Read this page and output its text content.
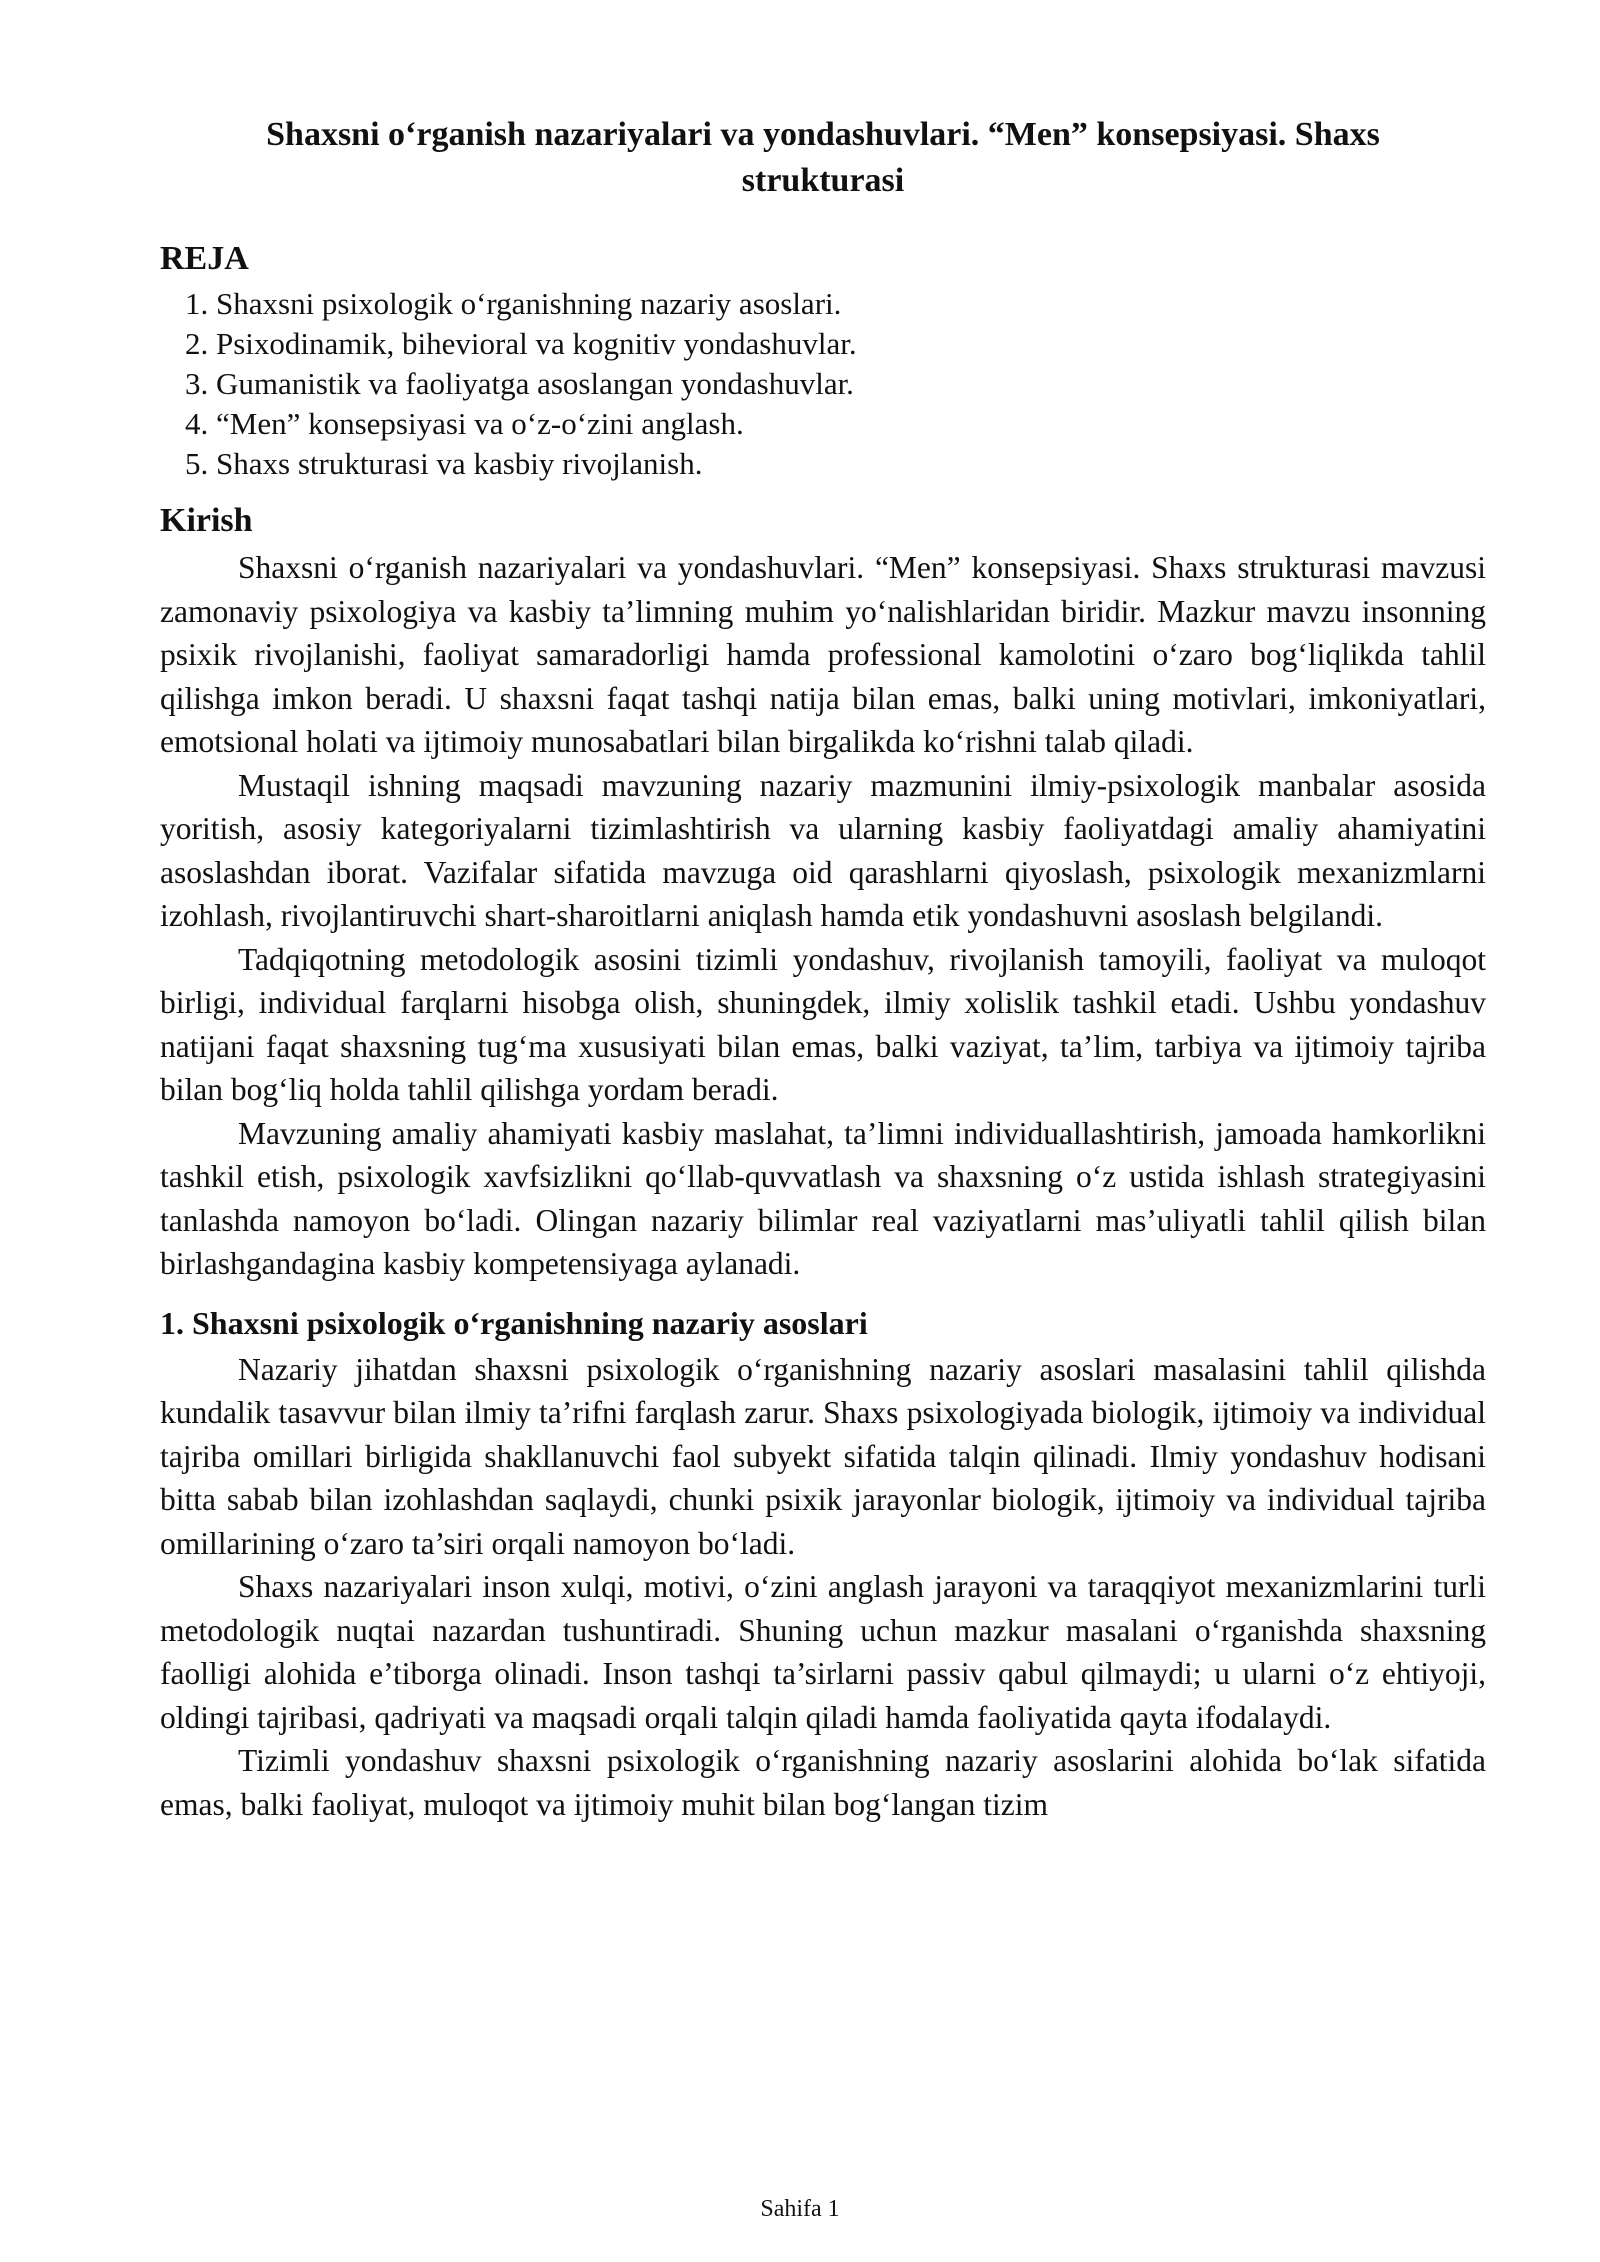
Shaxsni o‘rganish nazariyalari va yondashuvlari. “Men” konsepsiyasi. Shaxs strukturasi
REJA
1. Shaxsni psixologik o‘rganishning nazariy asoslari.
2. Psixodinamik, bihevioral va kognitiv yondashuvlar.
3. Gumanistik va faoliyatga asoslangan yondashuvlar.
4. “Men” konsepsiyasi va o‘z-o‘zini anglash.
5. Shaxs strukturasi va kasbiy rivojlanish.
Kirish

Shaxsni o‘rganish nazariyalari va yondashuvlari. “Men” konsepsiyasi. Shaxs strukturasi mavzusi zamonaviy psixologiya va kasbiy ta’limning muhim yo‘nalishlaridan biridir. Mazkur mavzu insonning psixik rivojlanishi, faoliyat samaradorligi hamda professional kamolotini o‘zaro bog‘liqlikda tahlil qilishga imkon beradi. U shaxsni faqat tashqi natija bilan emas, balki uning motivlari, imkoniyatlari, emotsional holati va ijtimoiy munosabatlari bilan birgalikda ko‘rishni talab qiladi.

Mustaqil ishning maqsadi mavzuning nazariy mazmunini ilmiy-psixologik manbalar asosida yoritish, asosiy kategoriyalarni tizimlashtirish va ularning kasbiy faoliyatdagi amaliy ahamiyatini asoslashdan iborat. Vazifalar sifatida mavzuga oid qarashlarni qiyoslash, psixologik mexanizmlarni izohlash, rivojlantiruvchi shart-sharoitlarni aniqlash hamda etik yondashuvni asoslash belgilandi.

Tadqiqotning metodologik asosini tizimli yondashuv, rivojlanish tamoyili, faoliyat va muloqot birligi, individual farqlarni hisobga olish, shuningdek, ilmiy xolislik tashkil etadi. Ushbu yondashuv natijani faqat shaxsning tug‘ma xususiyati bilan emas, balki vaziyat, ta’lim, tarbiya va ijtimoiy tajriba bilan bog‘liq holda tahlil qilishga yordam beradi.

Mavzuning amaliy ahamiyati kasbiy maslahat, ta’limni individuallashtirish, jamoada hamkorlikni tashkil etish, psixologik xavfsizlikni qo‘llab-quvvatlash va shaxsning o‘z ustida ishlash strategiyasini tanlashda namoyon bo‘ladi. Olingan nazariy bilimlar real vaziyatlarni mas’uliyatli tahlil qilish bilan birlashgandagina kasbiy kompetensiyaga aylanadi.

1. Shaxsni psixologik o‘rganishning nazariy asoslari

Nazariy jihatdan shaxsni psixologik o‘rganishning nazariy asoslari masalasini tahlil qilishda kundalik tasavvur bilan ilmiy ta’rifni farqlash zarur. Shaxs psixologiyada biologik, ijtimoiy va individual tajriba omillari birligida shakllanuvchi faol subyekt sifatida talqin qilinadi. Ilmiy yondashuv hodisani bitta sabab bilan izohlashdan saqlaydi, chunki psixik jarayonlar biologik, ijtimoiy va individual tajriba omillarining o‘zaro ta’siri orqali namoyon bo‘ladi.

Shaxs nazariyalari inson xulqi, motivi, o‘zini anglash jarayoni va taraqqiyot mexanizmlarini turli metodologik nuqtai nazardan tushuntiradi. Shuning uchun mazkur masalani o‘rganishda shaxsning faolligi alohida e’tiborga olinadi. Inson tashqi ta’sirlarni passiv qabul qilmaydi; u ularni o‘z ehtiyoji, oldingi tajribasi, qadriyati va maqsadi orqali talqin qiladi hamda faoliyatida qayta ifodalaydi.

Tizimli yondashuv shaxsni psixologik o‘rganishning nazariy asoslarini alohida bo‘lak sifatida emas, balki faoliyat, muloqot va ijtimoiy muhit bilan bog‘langan tizim

Sahifa 1
